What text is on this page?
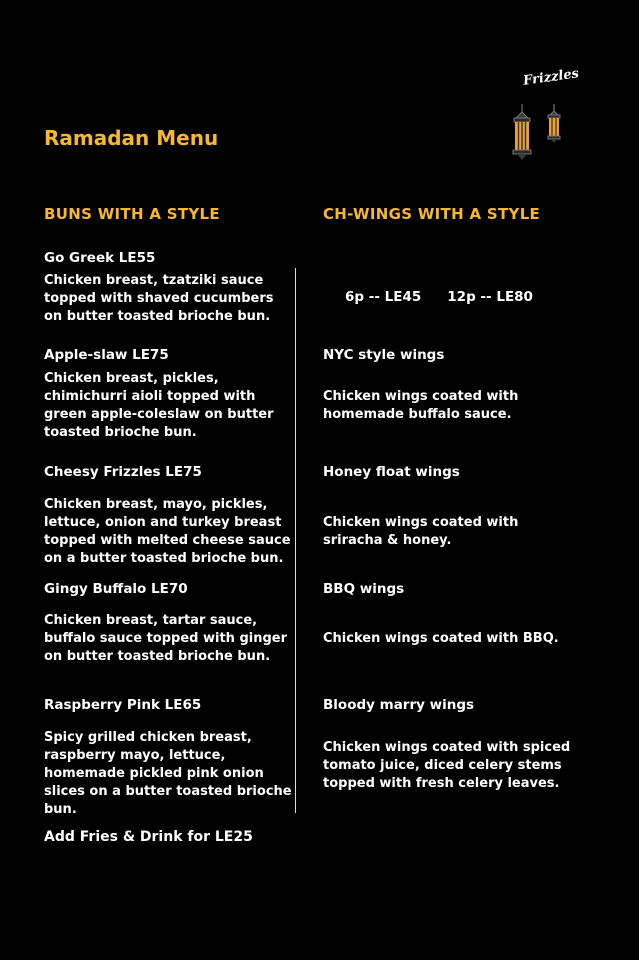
Frizzles
Ramadan Menu
BUNS WITH A STYLE	CH-WINGS WITH A STYLE
Go Greek LE55
Chicken breast, tzatziki sauce topped with shaved cucumbers on butter toasted brioche bun.
Apple-slaw LE75
Chicken breast, pickles, chimichurri aioli topped with green apple-coleslaw on butter toasted brioche bun.
Cheesy Frizzles LE75
Chicken breast, mayo, pickles, lettuce, onion and turkey breast topped with melted cheese sauce on a butter toasted brioche bun.
Gingy Buffalo LE70
Chicken breast, tartar sauce, buffalo sauce topped with ginger on butter toasted brioche bun.
Raspberry Pink LE65
Spicy grilled chicken breast, raspberry mayo, lettuce, homemade pickled pink onion slices on a butter toasted brioche bun.
6p -- LE45 12p -- LE80
NYC style wings
Chicken wings coated with homemade buffalo sauce.
Honey float wings
Chicken wings coated with sriracha & honey.
BBQ wings
Chicken wings coated with BBQ.
Bloody marry wings
Chicken wings coated with spiced tomato juice, diced celery stems topped with fresh celery leaves.
Add Fries & Drink for LE25
